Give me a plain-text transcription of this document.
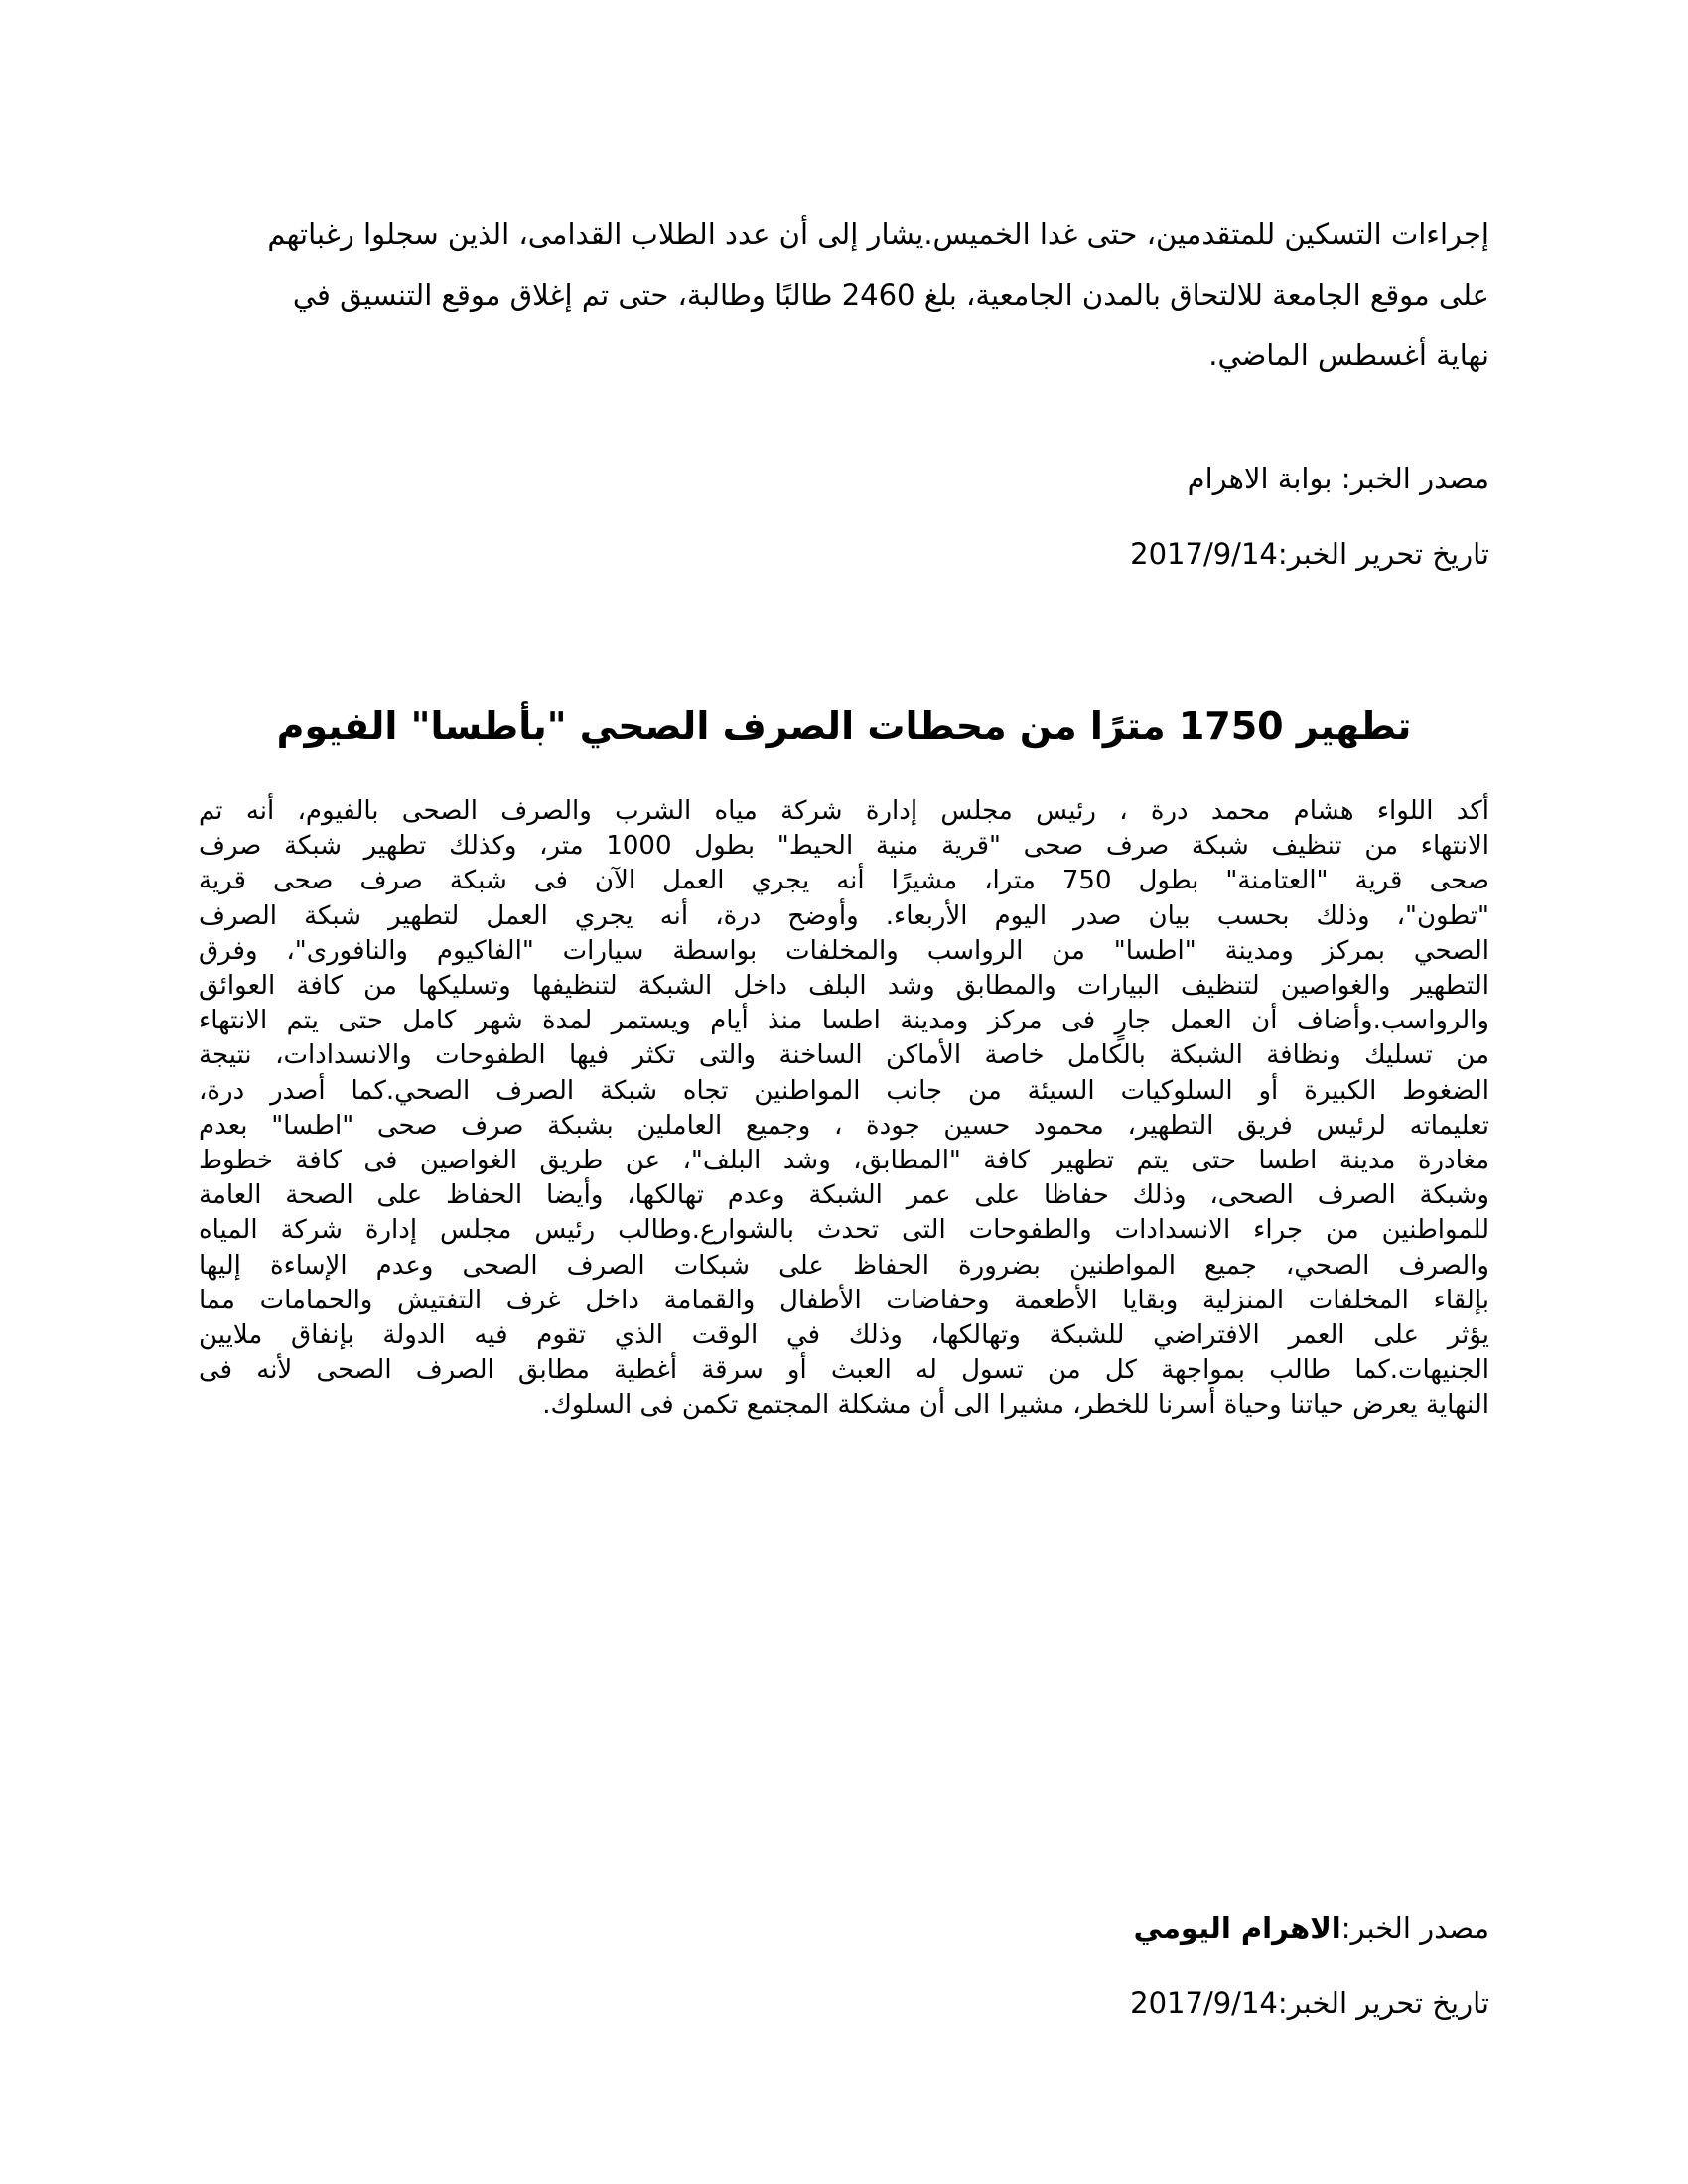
إجراءات التسكين للمتقدمين، حتى غدا الخميس.يشار إلى أن عدد الطلاب القدامى، الذين سجلوا رغباتهم
على موقع الجامعة للالتحاق بالمدن الجامعية، بلغ 2460 طالبًا وطالبة، حتى تم إغلاق موقع التنسيق في
نهاية أغسطس الماضي.
مصدر الخبر: بوابة الاهرام
تاريخ تحرير الخبر:2017/9/14
تطهير 1750 مترًا من محطات الصرف الصحي "بأطسا" الفيوم
أكد اللواء هشام محمد درة ، رئيس مجلس إدارة شركة مياه الشرب والصرف الصحى بالفيوم، أنه تم
الانتهاء من تنظيف شبكة صرف صحى "قرية منية الحيط" بطول 1000 متر، وكذلك تطهير شبكة صرف
صحى قرية "العتامنة" بطول 750 مترا، مشيرًا أنه يجري العمل الآن فى شبكة صرف صحى قرية
"تطون"، وذلك بحسب بيان صدر اليوم الأربعاء. وأوضح درة، أنه يجري العمل لتطهير شبكة الصرف
الصحي بمركز ومدينة "اطسا" من الرواسب والمخلفات بواسطة سيارات "الفاكيوم والنافورى"، وفرق
التطهير والغواصين لتنظيف البيارات والمطابق وشد البلف داخل الشبكة لتنظيفها وتسليكها من كافة العوائق
والرواسب.وأضاف أن العمل جارٍ فى مركز ومدينة اطسا منذ أيام ويستمر لمدة شهر كامل حتى يتم الانتهاء
من تسليك ونظافة الشبكة بالكامل خاصة الأماكن الساخنة والتى تكثر فيها الطفوحات والانسدادات، نتيجة
الضغوط الكبيرة أو السلوكيات السيئة من جانب المواطنين تجاه شبكة الصرف الصحي.كما أصدر درة،
تعليماته لرئيس فريق التطهير، محمود حسين جودة ، وجميع العاملين بشبكة صرف صحى "اطسا" بعدم
مغادرة مدينة اطسا حتى يتم تطهير كافة "المطابق، وشد البلف"، عن طريق الغواصين فى كافة خطوط
وشبكة الصرف الصحى، وذلك حفاظا على عمر الشبكة وعدم تهالكها، وأيضا الحفاظ على الصحة العامة
للمواطنين من جراء الانسدادات والطفوحات التى تحدث بالشوارع.وطالب رئيس مجلس إدارة شركة المياه
والصرف الصحي، جميع المواطنين بضرورة الحفاظ على شبكات الصرف الصحى وعدم الإساءة إليها
بإلقاء المخلفات المنزلية وبقايا الأطعمة وحفاضات الأطفال والقمامة داخل غرف التفتيش والحمامات مما
يؤثر على العمر الافتراضي للشبكة وتهالكها، وذلك في الوقت الذي تقوم فيه الدولة بإنفاق ملايين
الجنيهات.كما طالب بمواجهة كل من تسول له العبث أو سرقة أغطية مطابق الصرف الصحى لأنه فى
النهاية يعرض حياتنا وحياة أسرنا للخطر، مشيرا الى أن مشكلة المجتمع تكمن فى السلوك.
مصدر الخبر:الاهرام اليومي
تاريخ تحرير الخبر:2017/9/14
